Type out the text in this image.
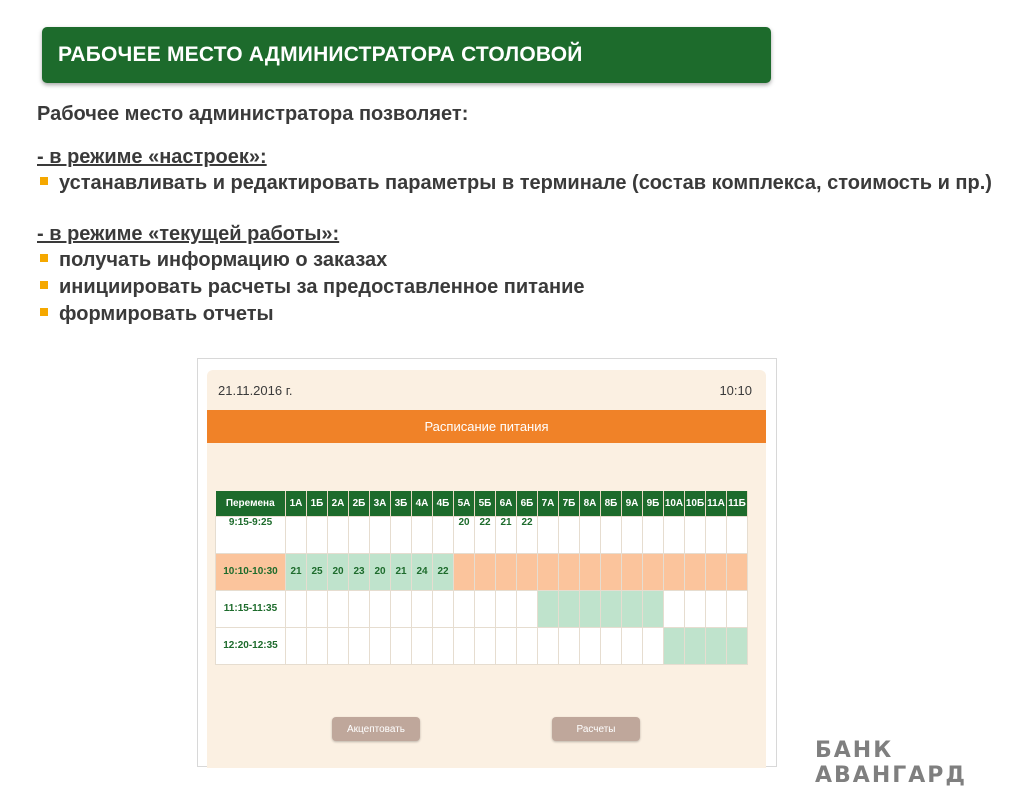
РАБОЧЕЕ МЕСТО АДМИНИСТРАТОРА СТОЛОВОЙ
Рабочее место администратора позволяет:
- в режиме «настроек»:
устанавливать и редактировать параметры в терминале (состав комплекса, стоимость и пр.)
- в режиме «текущей работы»:
получать информацию о заказах
инициировать расчеты за предоставленное питание
формировать отчеты
21.11.2016 г.	10:10
Расписание питания
Перемена	1А	1Б	2А	2Б	3А	3Б	4А	4Б	5А	5Б	6А	6Б	7А	7Б	8А	8Б	9А	9Б	10А	10Б	11А	11Б
9:15-9:25									20	22	21	22										
10:10-10:30	21	25	20	23	20	21	24	22														
11:15-11:35																						
12:20-12:35																						
Акцептовать	Расчеты
БАНК АВАНГАРД
